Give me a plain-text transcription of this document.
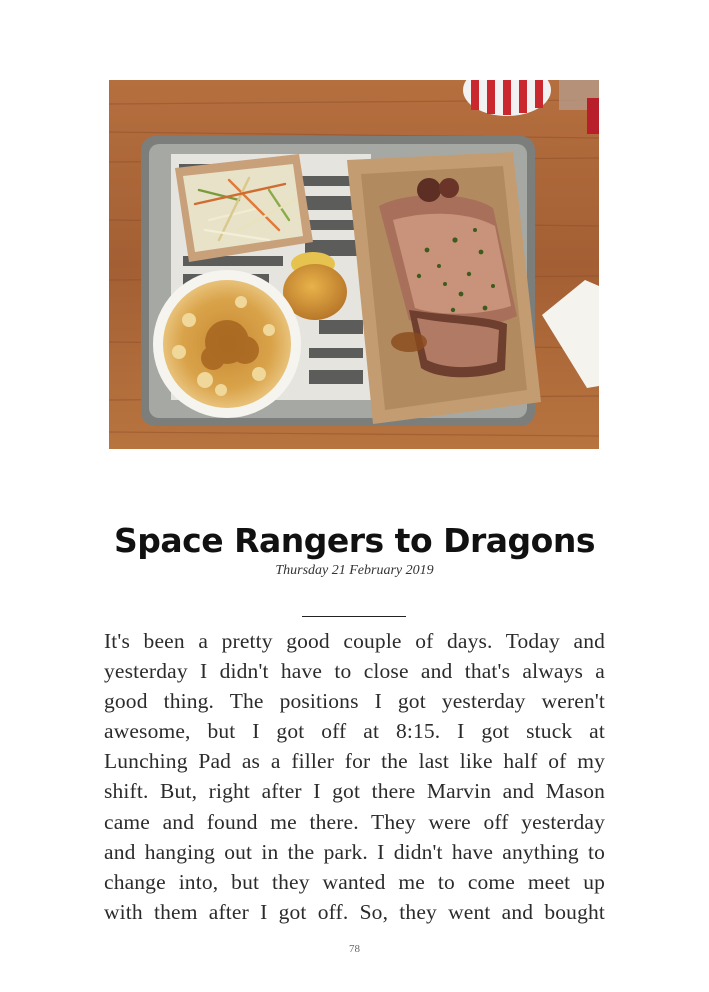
Space Rangers to Dragons
Thursday 21 February 2019
It's been a pretty good couple of days. Today and
yesterday I didn't have to close and that's always a
good thing. The positions I got yesterday weren't
awesome, but I got off at 8:15. I got stuck at
Lunching Pad as a filler for the last like half of my
shift. But, right after I got there Marvin and Mason
came and found me there. They were off yesterday
and hanging out in the park. I didn't have anything to
change into, but they wanted me to come meet up
with them after I got off. So, they went and bought
78
